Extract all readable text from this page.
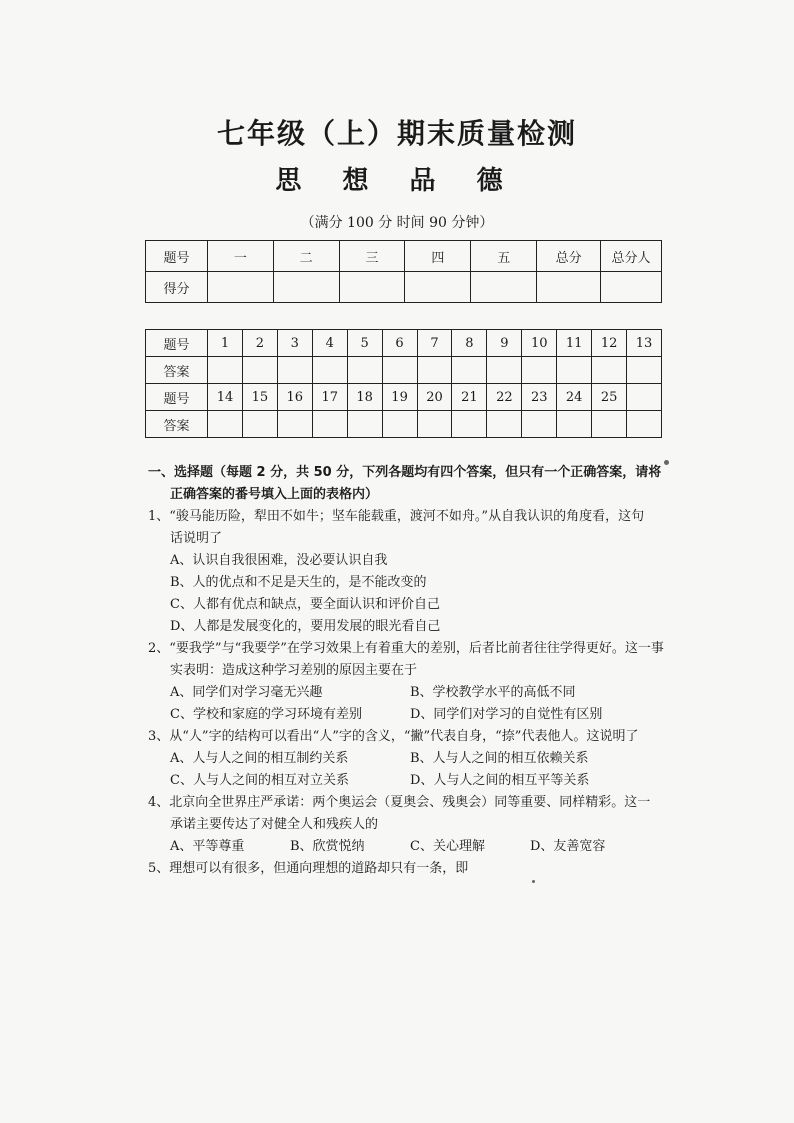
七年级（上）期末质量检测
思 想 品 德
（满分 100 分 时间 90 分钟）
题号	一	二	三	四	五	总分	总分人
得分							
题号	1	2	3	4	5	6	7	8	9	10	11	12	13
答案													
题号	14	15	16	17	18	19	20	21	22	23	24	25	
答案													
一、选择题（每题 2 分，共 50 分，下列各题均有四个答案，但只有一个正确答案，请将
正确答案的番号填入上面的表格内）
1、“骏马能历险，犁田不如牛；坚车能载重，渡河不如舟。”从自我认识的角度看，这句
话说明了
A、认识自我很困难，没必要认识自我
B、人的优点和不足是天生的，是不能改变的
C、人都有优点和缺点，要全面认识和评价自己
D、人都是发展变化的，要用发展的眼光看自己
2、“要我学”与“我要学”在学习效果上有着重大的差别，后者比前者往往学得更好。这一事
实表明：造成这种学习差别的原因主要在于
A、同学们对学习毫无兴趣	B、学校教学水平的高低不同
C、学校和家庭的学习环境有差别	D、同学们对学习的自觉性有区别
3、从“人”字的结构可以看出“人”字的含义，“撇”代表自身，“捺”代表他人。这说明了
A、人与人之间的相互制约关系	B、人与人之间的相互依赖关系
C、人与人之间的相互对立关系	D、人与人之间的相互平等关系
4、北京向全世界庄严承诺：两个奥运会（夏奥会、残奥会）同等重要、同样精彩。这一
承诺主要传达了对健全人和残疾人的
A、平等尊重	B、欣赏悦纳	C、关心理解	D、友善宽容
5、理想可以有很多，但通向理想的道路却只有一条，即
